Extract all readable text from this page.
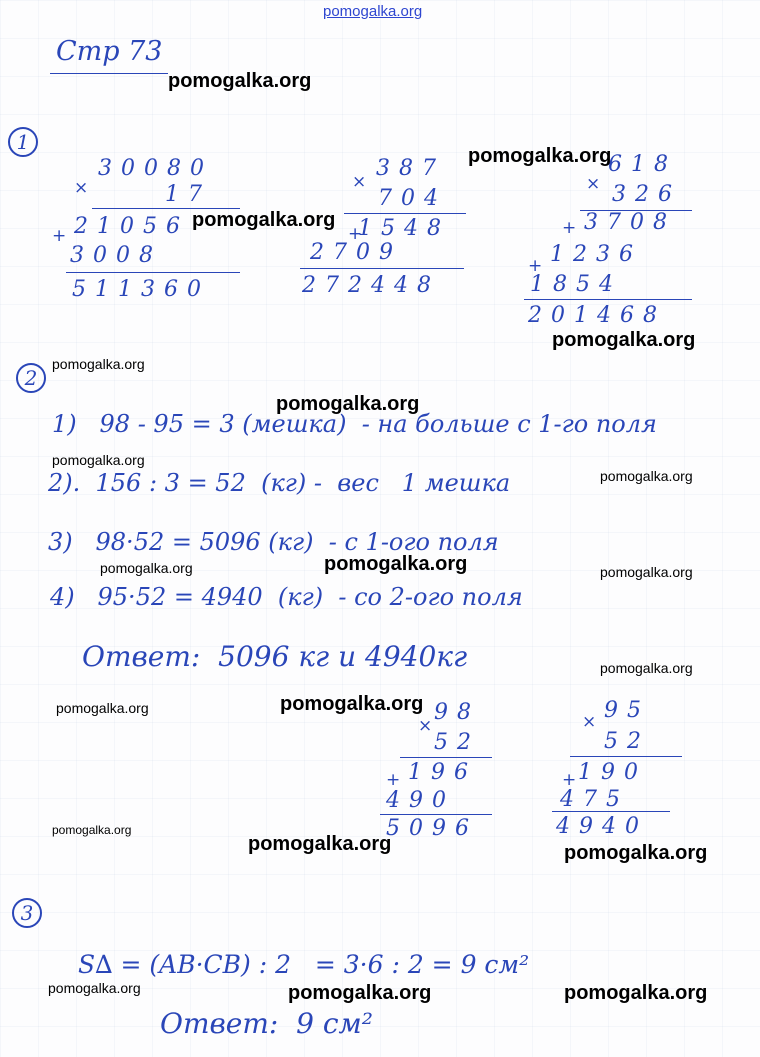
pomogalka.org
Стр 73
1
2
3
×
30080
17
+ 21056
3008
511360
×
387
704
+
1548
2709
272448
×
618
326
+ 3708
+ 1236
1854
201468
1)   98 - 95 = 3 (мешка)  - на больше с 1-го поля
2).  156 : 3 = 52  (кг) -  вес   1 мешка
3)   98·52 = 5096 (кг)  - с 1-ого поля
4)   95·52 = 4940  (кг)  - со 2-ого поля
Ответ:  5096 кг и 4940кг
×
98
52
+ 196
490
5096
× 95
52
+ 190
475
4940
S∆ = (AB·CB) : 2   = 3·6 : 2 = 9 см²
Ответ:  9 см²
pomogalka.org
pomogalka.org
pomogalka.org
pomogalka.org
pomogalka.org
pomogalka.org
pomogalka.org
pomogalka.org
pomogalka.org
pomogalka.org	pomogalka.org
pomogalka.org
pomogalka.org
pomogalka.org
pomogalka.org
pomogalka.org	pomogalka.org
pomogalka.org	pomogalka.org	pomogalka.org
